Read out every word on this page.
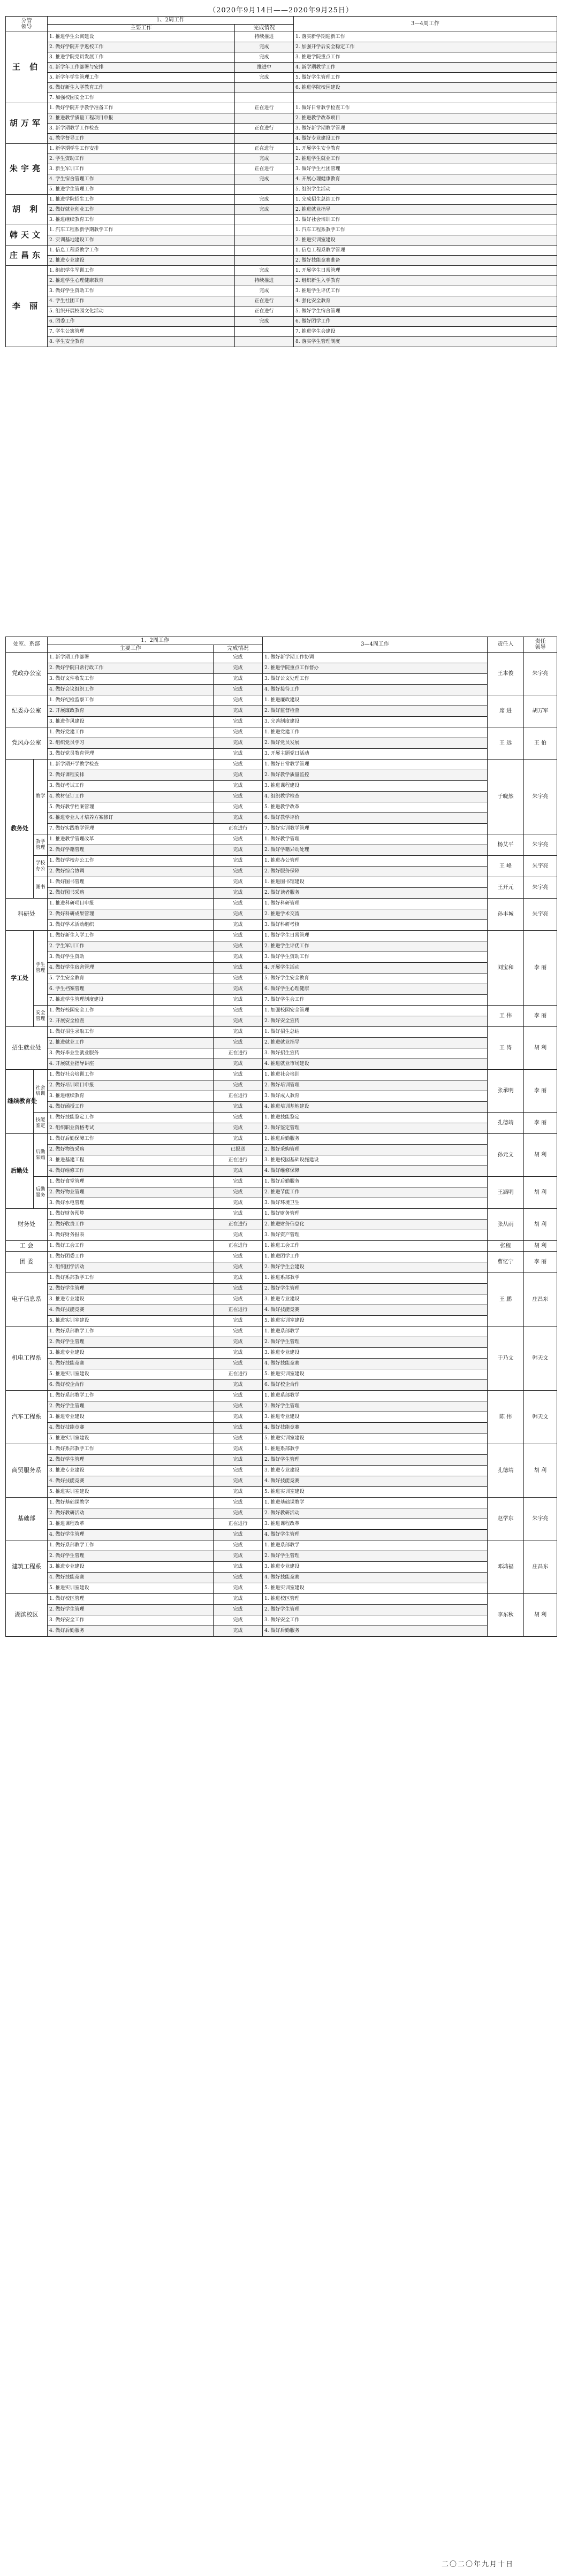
（2020年9月14日——2020年9月25日）
分管
领导	1、2周工作		3—4周工作
	主要工作	完成情况	
王 伯	1. 推进学生公寓建设	持续推进	1. 落实新学期迎新工作
	2. 做好学院开学返校工作	完成	2. 加强开学后安全稳定工作
	3. 推进学院党员发展工作	完成	3. 推进学院重点工作
	4. 新学年工作部署与安排	推进中	4. 新学期教学工作
	5. 新学年学生管理工作	完成	5. 做好学生管理工作
	6. 做好新生入学教育工作		6. 推进学院校园建设
	7. 加强校园安全工作		
胡万军	1. 做好学院开学教学准备工作	正在进行	1. 做好日常教学检查工作
	2. 推进教学质量工程项目申报		2. 推进教学改革项目
	3. 新学期教学工作检查	正在进行	3. 做好新学期教学管理
	4. 教学督导工作		4. 做好专业建设工作
朱宇亮	1. 新学期学生工作安排	正在进行	1. 开展学生安全教育
	2. 学生资助工作	完成	2. 推进学生就业工作
	3. 新生军训工作	正在进行	3. 做好学生社团管理
	4. 学生宿舍管理工作	完成	4. 开展心理健康教育
	5. 推进学生管理工作		5. 组织学生活动
胡 利	1. 推进学院招生工作	完成	1. 完成招生总结工作
	2. 做好就业创业工作	完成	2. 推进就业指导
	3. 推进继续教育工作		3. 做好社会培训工作
韩天文	1. 汽车工程系新学期教学工作		1. 汽车工程系教学工作
	2. 实训基地建设工作		2. 推进实训室建设
庄昌东	1. 信息工程系教学工作		1. 信息工程系教学管理
	2. 推进专业建设		2. 做好技能竞赛准备
李 丽	1. 组织学生军训工作	完成	1. 开展学生日常管理
	2. 推进学生心理健康教育	持续推进	2. 组织新生入学教育
	3. 做好学生资助工作	完成	3. 推进学生评优工作
	4. 学生社团工作	正在进行	4. 强化安全教育
	5. 组织开展校园文化活动	正在进行	5. 做好学生宿舍管理
	6. 团委工作	完成	6. 做好团学工作
	7. 学生公寓管理		7. 推进学生会建设
	8. 学生安全教育		8. 落实学生管理制度
处室、系部		1、2周工作		3—4周工作	责任人	责任
领导
		主要工作	完成情况			
党政办公室		1. 新学期工作部署	完成	1. 做好新学期工作协调	王本俊	朱宇亮
		2. 做好学院日常行政工作	完成	2. 推进学院重点工作督办		
		3. 做好文件收发工作	完成	3. 做好公文处理工作		
		4. 做好会议组织工作	完成	4. 做好接待工作		
纪委办公室		1. 做好纪检监察工作	完成	1. 推进廉政建设	席 进	胡万军
		2. 开展廉政教育	完成	2. 做好监督检查		
		3. 推进作风建设	完成	3. 完善制度建设		
党风办公室		1. 做好党建工作	完成	1. 推进党建工作	王 远	王 伯
		2. 组织党员学习	完成	2. 做好党员发展		
		3. 做好党员教育管理	完成	3. 开展主题党日活动		
教务处	教学	1. 新学期开学教学检查	完成	1. 做好日常教学管理	于晓然	朱宇亮
		2. 做好课程安排	完成	2. 做好教学质量监控		
		3. 做好考试工作	完成	3. 推进课程建设		
		4. 教材征订工作	完成	4. 组织教学检查		
		5. 做好教学档案管理	完成	5. 推进教学改革		
		6. 推进专业人才培养方案修订	完成	6. 做好教学评价		
		7. 做好实践教学管理	正在进行	7. 做好实训教学管理		
	教学
管理	1. 推进教学管理改革	完成	1. 做好教学管理	杨艾平	朱宇亮
		2. 做好学籍管理	完成	2. 做好学籍异动处理		
	学校
办公	1. 做好学校办公工作	完成	1. 推进办公管理	王 峰	朱宇亮
		2. 做好综合协调	完成	2. 做好服务保障		
	图书	1. 做好图书管理	完成	1. 推进图书馆建设	王开元	朱宇亮
		2. 做好图书采购	完成	2. 做好读者服务		
科研处		1. 推进科研项目申报	完成	1. 做好科研管理	孙丰城	朱宇亮
		2. 做好科研成果管理	完成	2. 推进学术交流		
		3. 做好学术活动组织	完成	3. 做好科研考核		
学工处	学生
管理	1. 做好新生入学工作	完成	1. 做好学生日常管理	刘宝和	李 丽
		2. 学生军训工作	完成	2. 推进学生评优工作		
		3. 做好学生资助	完成	3. 做好学生资助工作		
		4. 做好学生宿舍管理	完成	4. 开展学生活动		
		5. 学生安全教育	完成	5. 做好学生安全教育		
		6. 学生档案管理	完成	6. 做好学生心理健康		
		7. 推进学生管理制度建设	完成	7. 做好学生会工作		
	安全
管理	1. 做好校园安全工作	完成	1. 加强校园安全管理	王 伟	李 丽
		2. 开展安全检查	完成	2. 做好安全宣传		
招生就业处		1. 做好招生录取工作	完成	1. 做好招生总结	王 涛	胡 利
		2. 推进就业工作	完成	2. 推进就业指导		
		3. 做好毕业生就业服务	正在进行	3. 做好招生宣传		
		4. 开展就业指导讲座	完成	4. 推进就业市场建设		
继续教育处	社会
培训	1. 做好社会培训工作	完成	1. 推进社会培训	张承明	李 丽
		2. 做好培训项目申报	完成	2. 做好培训管理		
		3. 推进继续教育	正在进行	3. 做好成人教育		
		4. 做好函授工作	完成	4. 推进培训基地建设		
	技能
鉴定	1. 做好技能鉴定工作	完成	1. 推进技能鉴定	孔德靖	李 丽
		2. 组织职业资格考试	完成	2. 做好鉴定管理		
后勤处	后勤
采购	1. 做好后勤保障工作	完成	1. 推进后勤服务	孙元文	胡 利
		2. 做好物资采购	已报送	2. 做好采购管理		
		3. 推进基建工程	正在进行	3. 推进校园基础设施建设		
		4. 做好维修工作	完成	4. 做好维修保障		
	后勤
服务	1. 做好食堂管理	完成	1. 做好后勤服务	王涵明	胡 利
		2. 做好物业管理	完成	2. 推进节能工作		
		3. 做好水电管理	完成	3. 做好环境卫生		
财务处		1. 做好财务预算	完成	1. 做好财务管理	张从雨	胡 利
		2. 做好收费工作	正在进行	2. 推进财务信息化		
		3. 做好财务报表	完成	3. 做好资产管理		
工 会		1. 做好工会工作	正在进行	1. 推进工会工作	张程	胡 利
团 委		1. 做好团委工作	完成	1. 推进团学工作	曹忆宁	李 丽
		2. 组织团学活动	完成	2. 做好学生会建设		
电子信息系		1. 做好系部教学工作	完成	1. 推进系部教学	王 鹏	庄昌东
		2. 做好学生管理	完成	2. 做好学生管理		
		3. 推进专业建设	完成	3. 推进专业建设		
		4. 做好技能竞赛	正在进行	4. 做好技能竞赛		
		5. 推进实训室建设	完成	5. 推进实训室建设		
机电工程系		1. 做好系部教学工作	完成	1. 推进系部教学	于乃文	韩天文
		2. 做好学生管理	完成	2. 做好学生管理		
		3. 推进专业建设	完成	3. 推进专业建设		
		4. 做好技能竞赛	完成	4. 做好技能竞赛		
		5. 推进实训室建设	正在进行	5. 推进实训室建设		
		6. 做好校企合作	完成	6. 做好校企合作		
汽车工程系		1. 做好系部教学工作	完成	1. 推进系部教学	陈 伟	韩天文
		2. 做好学生管理	完成	2. 做好学生管理		
		3. 推进专业建设	完成	3. 推进专业建设		
		4. 做好技能竞赛	完成	4. 做好技能竞赛		
		5. 推进实训室建设	完成	5. 推进实训室建设		
商贸服务系		1. 做好系部教学工作	完成	1. 推进系部教学	孔德靖	胡 利
		2. 做好学生管理	完成	2. 做好学生管理		
		3. 推进专业建设	完成	3. 推进专业建设		
		4. 做好技能竞赛	完成	4. 做好技能竞赛		
		5. 推进实训室建设	完成	5. 推进实训室建设		
基础部		1. 做好基础课教学	完成	1. 推进基础课教学	赵学东	朱宇亮
		2. 做好教研活动	完成	2. 做好教研活动		
		3. 推进课程改革	正在进行	3. 推进课程改革		
		4. 做好学生管理	完成	4. 做好学生管理		
建筑工程系		1. 做好系部教学工作	完成	1. 推进系部教学	邓鸿福	庄昌东
		2. 做好学生管理	完成	2. 做好学生管理		
		3. 推进专业建设	完成	3. 推进专业建设		
		4. 做好技能竞赛	完成	4. 做好技能竞赛		
		5. 推进实训室建设	完成	5. 推进实训室建设		
湖滨校区		1. 做好校区管理	完成	1. 推进校区管理	李东秋	胡 利
		2. 做好学生管理	完成	2. 做好学生管理		
		3. 做好安全工作	完成	3. 做好安全工作		
		4. 做好后勤服务	完成	4. 做好后勤服务		
二〇二〇年九月十日
